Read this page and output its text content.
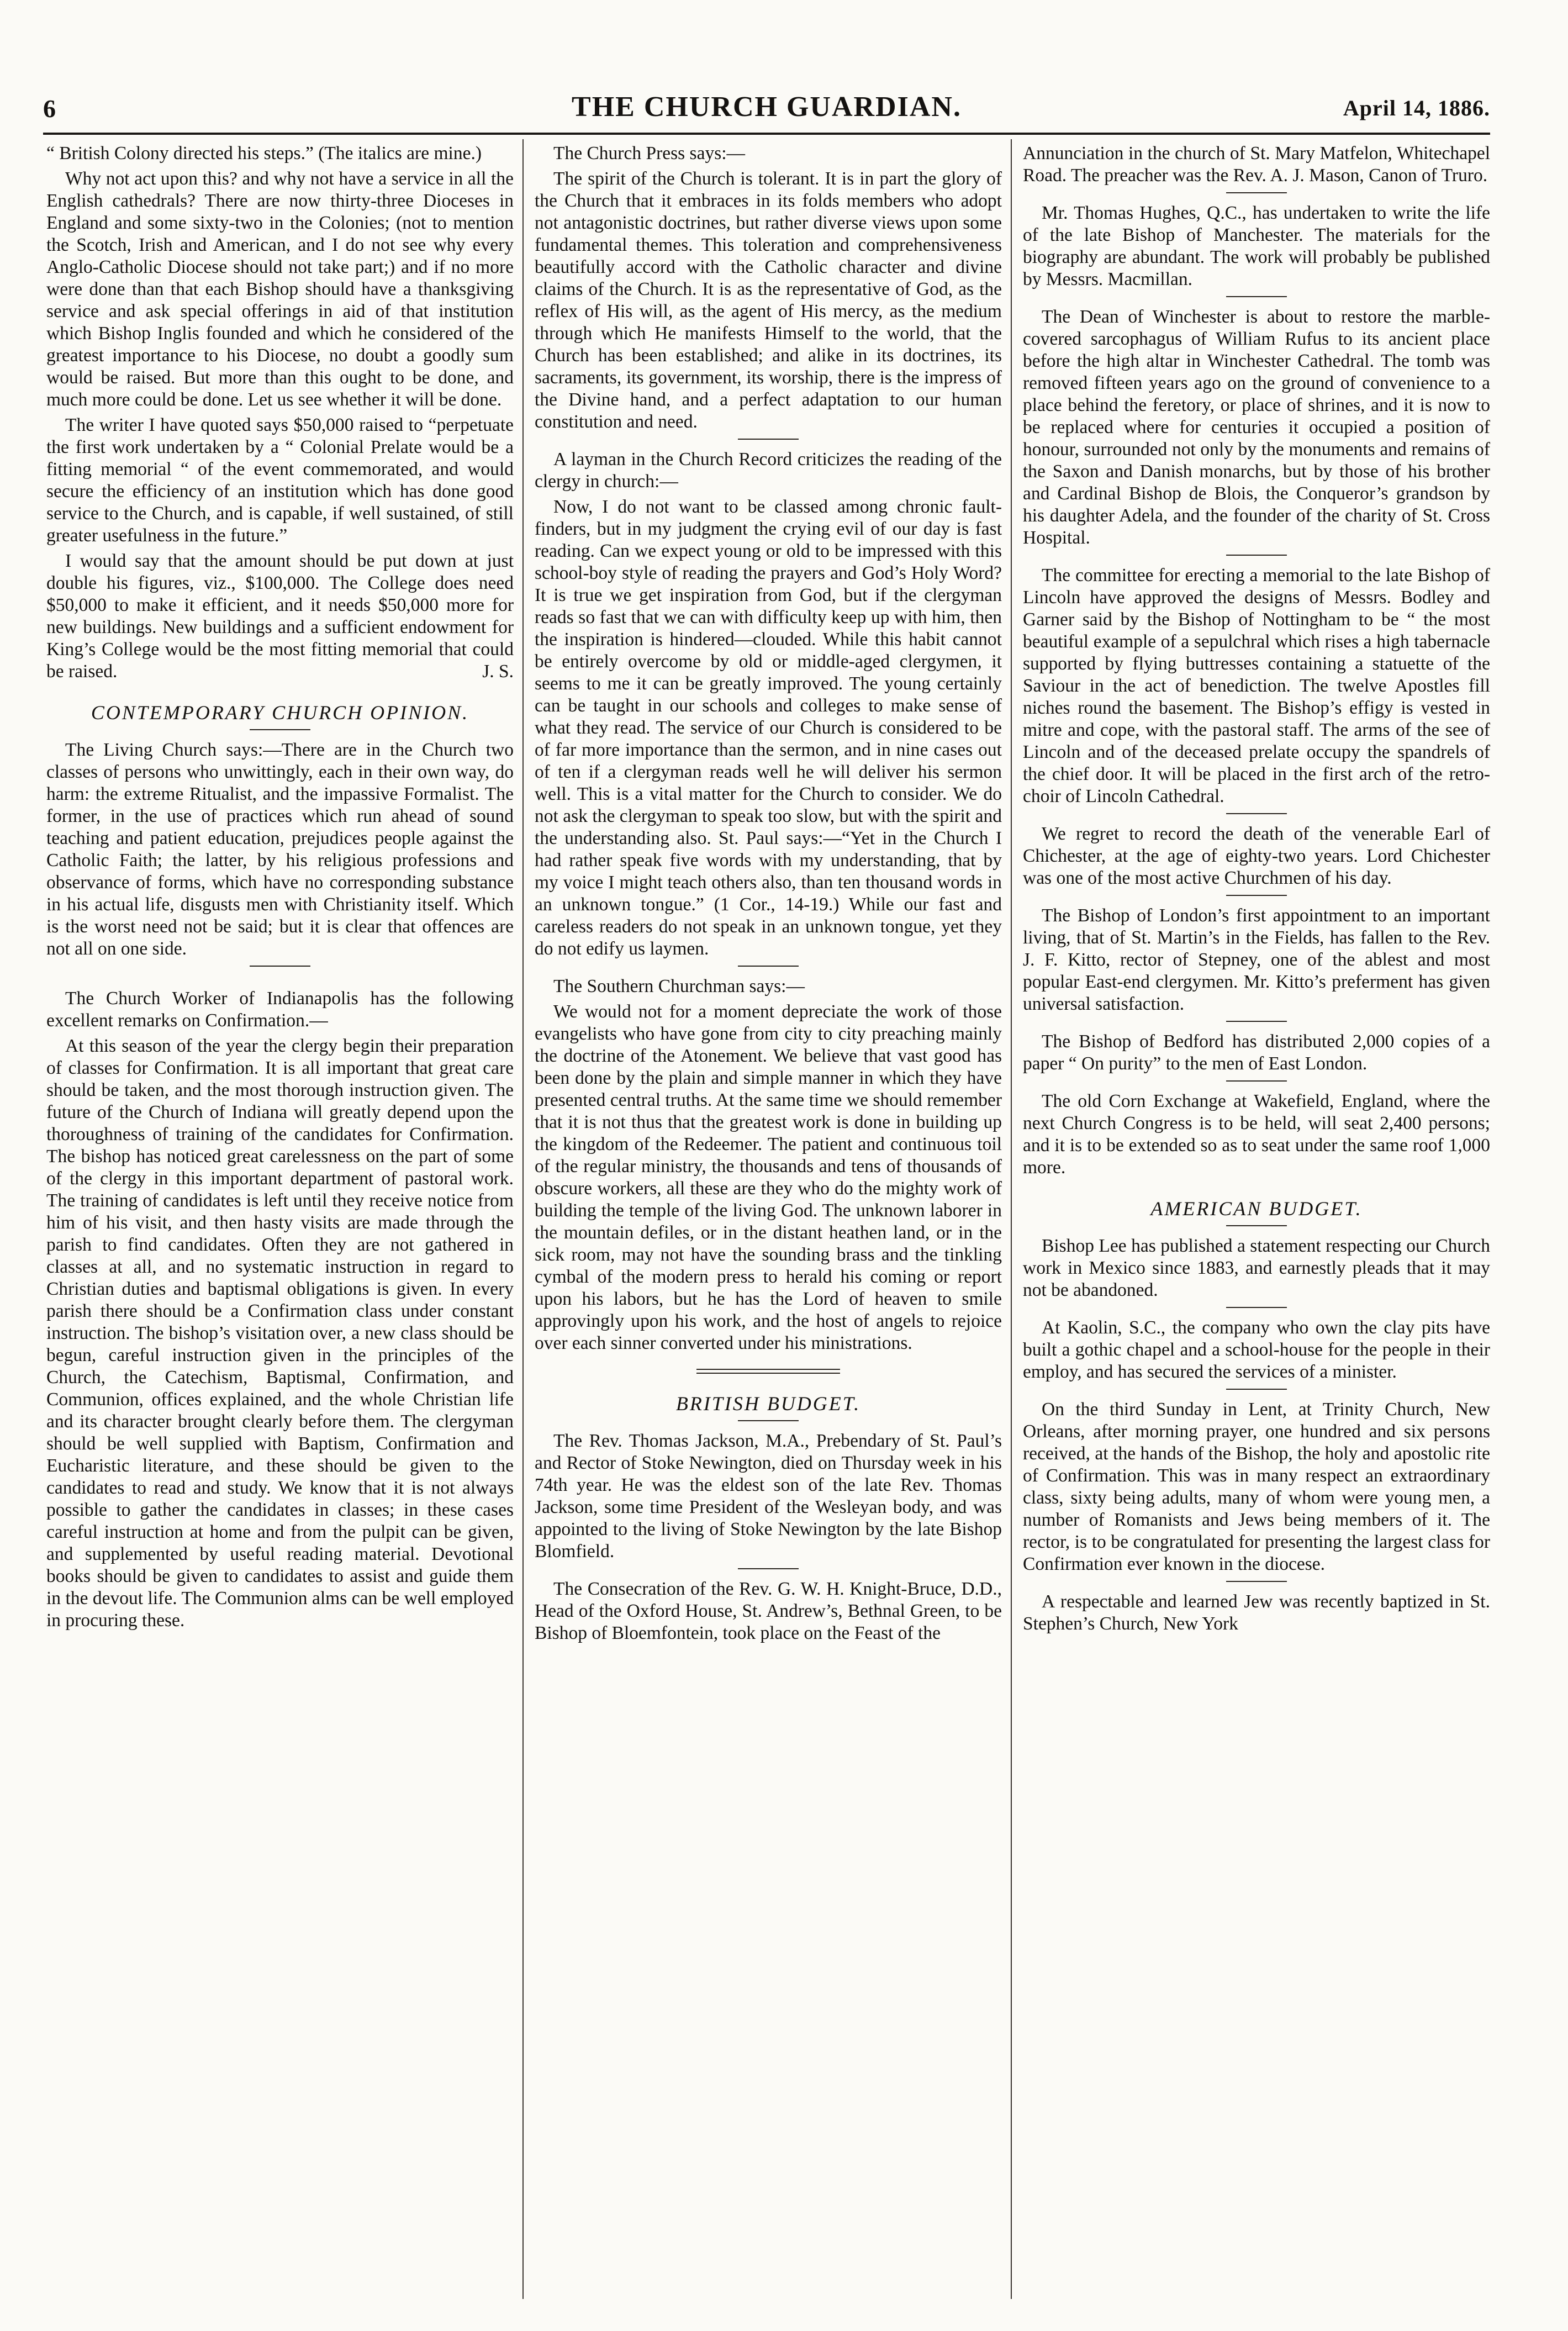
6	THE CHURCH GUARDIAN.	April 14, 1886.

“ British Colony directed his steps.” (The italics are mine.)

Why not act upon this? and why not have a service in all the English cathedrals? There are now thirty-three Dioceses in England and some sixty-two in the Colonies; (not to mention the Scotch, Irish and American, and I do not see why every Anglo-Catholic Diocese should not take part;) and if no more were done than that each Bishop should have a thanksgiving service and ask special offerings in aid of that institution which Bishop Inglis founded and which he considered of the greatest importance to his Diocese, no doubt a goodly sum would be raised. But more than this ought to be done, and much more could be done. Let us see whether it will be done.

The writer I have quoted says $50,000 raised to “perpetuate the first work undertaken by a “ Colonial Prelate would be a fitting memorial “ of the event commemorated, and would secure the efficiency of an institution which has done good service to the Church, and is capable, if well sustained, of still greater usefulness in the future.”

I would say that the amount should be put down at just double his figures, viz., $100,000. The College does need $50,000 to make it efficient, and it needs $50,000 more for new buildings. New buildings and a sufficient endowment for King’s College would be the most fitting memorial that could be raised.	J. S.

CONTEMPORARY CHURCH OPINION.

The Living Church says:—There are in the Church two classes of persons who unwittingly, each in their own way, do harm: the extreme Ritualist, and the impassive Formalist. The former, in the use of practices which run ahead of sound teaching and patient education, prejudices people against the Catholic Faith; the latter, by his religious professions and observance of forms, which have no corresponding substance in his actual life, disgusts men with Christianity itself. Which is the worst need not be said; but it is clear that offences are not all on one side.

The Church Worker of Indianapolis has the following excellent remarks on Confirmation.—

At this season of the year the clergy begin their preparation of classes for Confirmation. It is all important that great care should be taken, and the most thorough instruction given. The future of the Church of Indiana will greatly depend upon the thoroughness of training of the candidates for Confirmation. The bishop has noticed great carelessness on the part of some of the clergy in this important department of pastoral work. The training of candidates is left until they receive notice from him of his visit, and then hasty visits are made through the parish to find candidates. Often they are not gathered in classes at all, and no systematic instruction in regard to Christian duties and baptismal obligations is given. In every parish there should be a Confirmation class under constant instruction. The bishop’s visitation over, a new class should be begun, careful instruction given in the principles of the Church, the Catechism, Baptismal, Confirmation, and Communion, offices explained, and the whole Christian life and its character brought clearly before them. The clergyman should be well supplied with Baptism, Confirmation and Eucharistic literature, and these should be given to the candidates to read and study. We know that it is not always possible to gather the candidates in classes; in these cases careful instruction at home and from the pulpit can be given, and supplemented by useful reading material. Devotional books should be given to candidates to assist and guide them in the devout life. The Communion alms can be well employed in procuring these.

The Church Press says:—

The spirit of the Church is tolerant. It is in part the glory of the Church that it embraces in its folds members who adopt not antagonistic doctrines, but rather diverse views upon some fundamental themes. This toleration and comprehensiveness beautifully accord with the Catholic character and divine claims of the Church. It is as the representative of God, as the reflex of His will, as the agent of His mercy, as the medium through which He manifests Himself to the world, that the Church has been established; and alike in its doctrines, its sacraments, its government, its worship, there is the impress of the Divine hand, and a perfect adaptation to our human constitution and need.

A layman in the Church Record criticizes the reading of the clergy in church:—

Now, I do not want to be classed among chronic fault-finders, but in my judgment the crying evil of our day is fast reading. Can we expect young or old to be impressed with this school-boy style of reading the prayers and God’s Holy Word? It is true we get inspiration from God, but if the clergyman reads so fast that we can with difficulty keep up with him, then the inspiration is hindered—clouded. While this habit cannot be entirely overcome by old or middle-aged clergymen, it seems to me it can be greatly improved. The young certainly can be taught in our schools and colleges to make sense of what they read. The service of our Church is considered to be of far more importance than the sermon, and in nine cases out of ten if a clergyman reads well he will deliver his sermon well. This is a vital matter for the Church to consider. We do not ask the clergyman to speak too slow, but with the spirit and the understanding also. St. Paul says:—“Yet in the Church I had rather speak five words with my understanding, that by my voice I might teach others also, than ten thousand words in an unknown tongue.” (1 Cor., 14-19.) While our fast and careless readers do not speak in an unknown tongue, yet they do not edify us laymen.

The Southern Churchman says:—

We would not for a moment depreciate the work of those evangelists who have gone from city to city preaching mainly the doctrine of the Atonement. We believe that vast good has been done by the plain and simple manner in which they have presented central truths. At the same time we should remember that it is not thus that the greatest work is done in building up the kingdom of the Redeemer. The patient and continuous toil of the regular ministry, the thousands and tens of thousands of obscure workers, all these are they who do the mighty work of building the temple of the living God. The unknown laborer in the mountain defiles, or in the distant heathen land, or in the sick room, may not have the sounding brass and the tinkling cymbal of the modern press to herald his coming or report upon his labors, but he has the Lord of heaven to smile approvingly upon his work, and the host of angels to rejoice over each sinner converted under his ministrations.

BRITISH BUDGET.

The Rev. Thomas Jackson, M.A., Prebendary of St. Paul’s and Rector of Stoke Newington, died on Thursday week in his 74th year. He was the eldest son of the late Rev. Thomas Jackson, some time President of the Wesleyan body, and was appointed to the living of Stoke Newington by the late Bishop Blomfield.

The Consecration of the Rev. G. W. H. Knight-Bruce, D.D., Head of the Oxford House, St. Andrew’s, Bethnal Green, to be Bishop of Bloemfontein, took place on the Feast of the

Annunciation in the church of St. Mary Matfelon, Whitechapel Road. The preacher was the Rev. A. J. Mason, Canon of Truro.

Mr. Thomas Hughes, Q.C., has undertaken to write the life of the late Bishop of Manchester. The materials for the biography are abundant. The work will probably be published by Messrs. Macmillan.

The Dean of Winchester is about to restore the marble-covered sarcophagus of William Rufus to its ancient place before the high altar in Winchester Cathedral. The tomb was removed fifteen years ago on the ground of convenience to a place behind the feretory, or place of shrines, and it is now to be replaced where for centuries it occupied a position of honour, surrounded not only by the monuments and remains of the Saxon and Danish monarchs, but by those of his brother and Cardinal Bishop de Blois, the Conqueror’s grandson by his daughter Adela, and the founder of the charity of St. Cross Hospital.

The committee for erecting a memorial to the late Bishop of Lincoln have approved the designs of Messrs. Bodley and Garner said by the Bishop of Nottingham to be “ the most beautiful example of a sepulchral which rises a high tabernacle supported by flying buttresses containing a statuette of the Saviour in the act of benediction. The twelve Apostles fill niches round the basement. The Bishop’s effigy is vested in mitre and cope, with the pastoral staff. The arms of the see of Lincoln and of the deceased prelate occupy the spandrels of the chief door. It will be placed in the first arch of the retro-choir of Lincoln Cathedral.

We regret to record the death of the venerable Earl of Chichester, at the age of eighty-two years. Lord Chichester was one of the most active Churchmen of his day.

The Bishop of London’s first appointment to an important living, that of St. Martin’s in the Fields, has fallen to the Rev. J. F. Kitto, rector of Stepney, one of the ablest and most popular East-end clergymen. Mr. Kitto’s preferment has given universal satisfaction.

The Bishop of Bedford has distributed 2,000 copies of a paper “ On purity” to the men of East London.

The old Corn Exchange at Wakefield, England, where the next Church Congress is to be held, will seat 2,400 persons; and it is to be extended so as to seat under the same roof 1,000 more.

AMERICAN BUDGET.

Bishop Lee has published a statement respecting our Church work in Mexico since 1883, and earnestly pleads that it may not be abandoned.

At Kaolin, S.C., the company who own the clay pits have built a gothic chapel and a school-house for the people in their employ, and has secured the services of a minister.

On the third Sunday in Lent, at Trinity Church, New Orleans, after morning prayer, one hundred and six persons received, at the hands of the Bishop, the holy and apostolic rite of Confirmation. This was in many respect an extraordinary class, sixty being adults, many of whom were young men, a number of Romanists and Jews being members of it. The rector, is to be congratulated for presenting the largest class for Confirmation ever known in the diocese.

A respectable and learned Jew was recently baptized in St. Stephen’s Church, New York
